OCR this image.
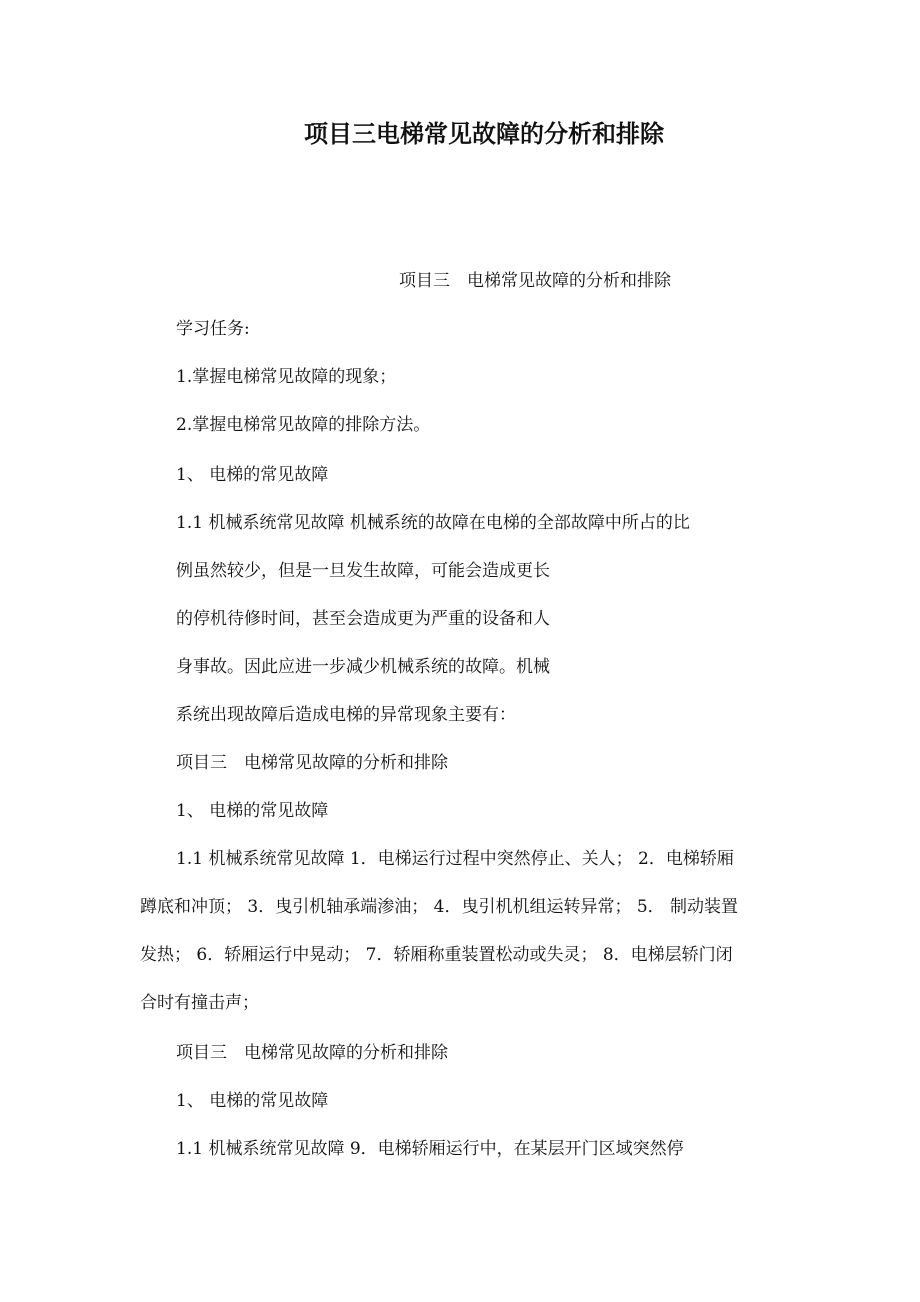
项目三电梯常见故障的分析和排除

项目三　电梯常见故障的分析和排除

学习任务:

1.掌握电梯常见故障的现象；

2.掌握电梯常见故障的排除方法。

1、 电梯的常见故障

1.1 机械系统常见故障 机械系统的故障在电梯的全部故障中所占的比

例虽然较少，但是一旦发生故障，可能会造成更长

的停机待修时间，甚至会造成更为严重的设备和人

身事故。因此应进一步减少机械系统的故障。机械

系统出现故障后造成电梯的异常现象主要有：

项目三　电梯常见故障的分析和排除

1、 电梯的常见故障

1.1 机械系统常见故障 1．电梯运行过程中突然停止、关人； 2．电梯轿厢

蹲底和冲顶； 3．曳引机轴承端渗油； 4．曳引机机组运转异常； 5． 制动装置

发热； 6．轿厢运行中晃动； 7．轿厢称重装置松动或失灵； 8．电梯层轿门闭

合时有撞击声；

项目三　电梯常见故障的分析和排除

1、 电梯的常见故障

1.1 机械系统常见故障 9．电梯轿厢运行中，在某层开门区域突然停
